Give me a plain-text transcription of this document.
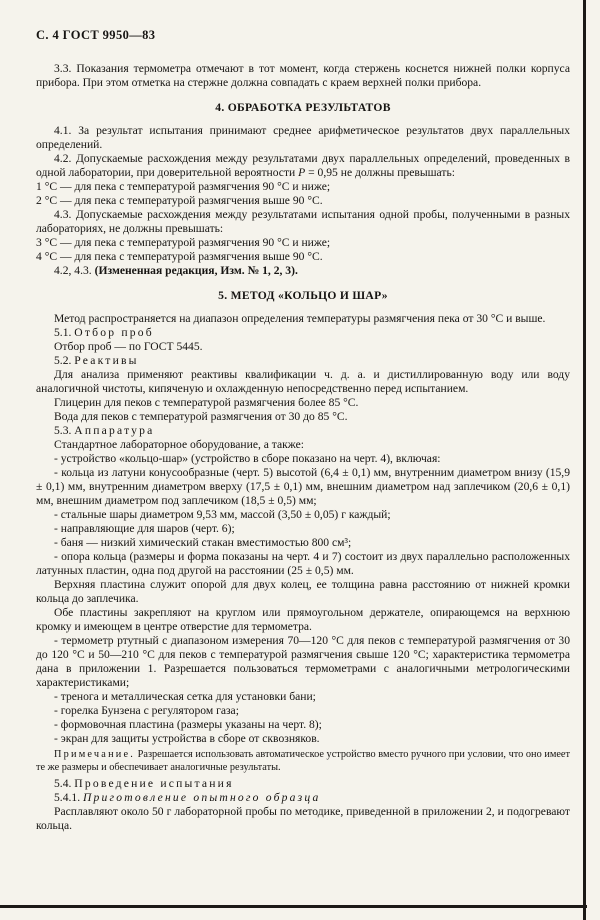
С. 4 ГОСТ 9950—83
3.3. Показания термометра отмечают в тот момент, когда стержень коснется нижней полки корпуса прибора. При этом отметка на стержне должна совпадать с краем верхней полки прибора.
4. ОБРАБОТКА РЕЗУЛЬТАТОВ
4.1. За результат испытания принимают среднее арифметическое результатов двух параллельных определений.
4.2. Допускаемые расхождения между результатами двух параллельных определений, проведенных в одной лаборатории, при доверительной вероятности Р = 0,95 не должны превышать:
1 °С — для пека с температурой размягчения 90 °С и ниже;
2 °С — для пека с температурой размягчения выше 90 °С.
4.3. Допускаемые расхождения между результатами испытания одной пробы, полученными в разных лабораториях, не должны превышать:
3 °С — для пека с температурой размягчения 90 °С и ниже;
4 °С — для пека с температурой размягчения выше 90 °С.
4.2, 4.3. (Измененная редакция, Изм. № 1, 2, 3).
5. МЕТОД «КОЛЬЦО И ШАР»
Метод распространяется на диапазон определения температуры размягчения пека от 30 °С и выше.
5.1. Отбор проб
Отбор проб — по ГОСТ 5445.
5.2. Реактивы
Для анализа применяют реактивы квалификации ч. д. а. и дистиллированную воду или воду аналогичной чистоты, кипяченую и охлажденную непосредственно перед испытанием.
Глицерин для пеков с температурой размягчения более 85 °С.
Вода для пеков с температурой размягчения от 30 до 85 °С.
5.3. Аппаратура
Стандартное лабораторное оборудование, а также:
- устройство «кольцо-шар» (устройство в сборе показано на черт. 4), включая:
- кольца из латуни конусообразные (черт. 5) высотой (6,4 ± 0,1) мм, внутренним диаметром внизу (15,9 ± 0,1) мм, внутренним диаметром вверху (17,5 ± 0,1) мм, внешним диаметром над заплечиком (20,6 ± 0,1) мм, внешним диаметром под заплечиком (18,5 ± 0,5) мм;
- стальные шары диаметром 9,53 мм, массой (3,50 ± 0,05) г каждый;
- направляющие для шаров (черт. 6);
- баня — низкий химический стакан вместимостью 800 см³;
- опора кольца (размеры и форма показаны на черт. 4 и 7) состоит из двух параллельно расположенных латунных пластин, одна под другой на расстоянии (25 ± 0,5) мм.
Верхняя пластина служит опорой для двух колец, ее толщина равна расстоянию от нижней кромки кольца до заплечика.
Обе пластины закрепляют на круглом или прямоугольном держателе, опирающемся на верхнюю кромку и имеющем в центре отверстие для термометра.
- термометр ртутный с диапазоном измерения 70—120 °С для пеков с температурой размягчения от 30 до 120 °С и 50—210 °С для пеков с температурой размягчения свыше 120 °С; характеристика термометра дана в приложении 1. Разрешается пользоваться термометрами с аналогичными метрологическими характеристиками;
- тренога и металлическая сетка для установки бани;
- горелка Бунзена с регулятором газа;
- формовочная пластина (размеры указаны на черт. 8);
- экран для защиты устройства в сборе от сквозняков.
Примечание. Разрешается использовать автоматическое устройство вместо ручного при условии, что оно имеет те же размеры и обеспечивает аналогичные результаты.
5.4. Проведение испытания
5.4.1. Приготовление опытного образца
Расплавляют около 50 г лабораторной пробы по методике, приведенной в приложении 2, и подогревают кольца.
